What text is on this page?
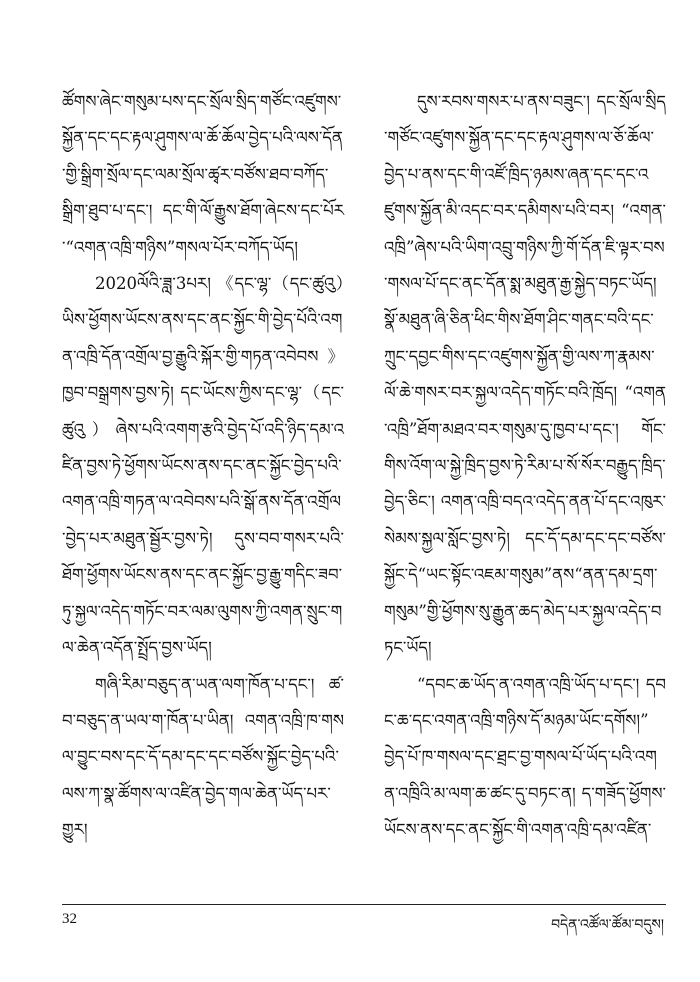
ཚོགས་ཞེང་གསུམ་པས་དང་སྲོལ་སྲིད་གཙོང་འཛུགས་སྐྱོན་དང་དང་རྟལ་ཤུགས་ལ་ཆོ་ཆོལ་བྱེད་པའི་ལས་དོན་གྱི་སྒྲིག་སྲོལ་དང་ལམ་སྲོལ་ཚྭར་བཙོས་ཐབ་བཀོད་སྒྲིག་ཐུབ་པ་དང་། དང་གི་ལོ་རྒྱུས་ཐོག་ཞེངས་དང་པོར་“འགན་འཁྲི་གཉིས”གསལ་པོར་བཀོད་ཡོད།

2020ལོའི་ཟླ་3པར། 《དང་ལྷ་（དང་ཚུའུ）ཡིས་ཕྱོགས་ཡོངས་ནས་དང་ནང་སྐྱོང་གི་བྱེད་པོའི་འགན་འཁྲི་དོན་འགྲོལ་བྱ་རྒྱུའི་སྐོར་གྱི་གཏན་འབེབས》ཁྱབ་བསྒྲགས་བྱས་ཏེ། དང་ཡོངས་ཀྱིས་དང་ལྷ་（དང་ཚུའུ）ཞེས་པའི་འགག་རྩའི་བྱེད་པོ་འདི་ཉིད་དམ་འཛིན་བྱས་ཏེ་ཕྱོགས་ཡོངས་ནས་དང་ནང་སྐྱོང་བྱེད་པའི་འགན་འཁྲི་གཏན་ལ་འབེབས་པའི་སྒོ་ནས་དོན་འགྲོལ་བྱེད་པར་མཐུན་སྦྱོར་བྱས་ཏེ། དུས་བབ་གསར་པའི་ཐོག་ཕྱོགས་ཡོངས་ནས་དང་ནང་སྐྱོང་བྱ་རྒྱུ་གདིང་ཟབ་ཏུ་སྐྱལ་འདེད་གཏོང་བར་ལམ་ལུགས་ཀྱི་འགན་སྲུང་གལ་ཆེན་འདོན་སྤྲོད་བྱས་ཡོད།

གཞི་རིམ་བཅུད་ན་ཡན་ལག་ཁོན་པ་དང་། ཚ་བ་བཅུད་ན་ཡལ་ག་ཁོན་པ་ཡིན། འགན་འཁྲི་ཁ་གསལ་བྱུང་བས་དང་དོ་དམ་དང་དང་བཙོས་སྐྱོང་བྱེད་པའི་ལས་ཀ་སྣ་ཚོགས་ལ་འཛིན་བྱེད་གལ་ཆེན་ཡོད་པར་གྱུར།

དུས་རབས་གསར་པ་ནས་བཟུང་། དང་སྲོལ་སྲིད་གཙོང་འཛུགས་སྐྱོན་དང་དང་རྟལ་ཤུགས་ལ་ཅོ་ཆོལ་བྱེད་པ་ནས་དང་གི་འཛོ་ཁྲིད་ཉམས་ཞན་དང་དང་འཛུགས་སྐྱོན་མི་འདང་བར་དམིགས་པའི་བར། “འགན་འཁྲི”ཞེས་པའི་ཡིག་འབྲུ་གཉིས་ཀྱི་གོ་དོན་ཇི་ལྟར་བས་གསལ་པོ་དང་ནང་དོན་སྨ་མཐུན་རྒྱ་སྐྱེད་བཏང་ཡོད། སྣོ་མཐུན་ཞི་ཅིན་ཕིང་གིས་ཐོག་ཤིང་གནང་བའི་དང་ཀྲུང་དབྱང་གིས་དང་འཛུགས་སྐྱོན་གྱི་ལས་ཀ་རྣམས་ལོ་ཆེ་གསར་བར་སྐྱལ་འདེད་གཏོང་བའི་ཁྲོད། “འགན་འཁྲི”ཐོག་མཐའ་བར་གསུམ་དུ་ཁྱབ་པ་དང་། གོང་གིས་འོག་ལ་སྐྱེ་ཁྲིད་བྱས་ཏེ་རིམ་པ་སོ་སོར་བརྒྱུད་ཁྲིད་བྱེད་ཅིང་། འགན་འཁྲི་བདའ་འདེད་ནན་པོ་དང་འཁུར་སེམས་སྐྱལ་སློང་བྱས་ཏེ། དང་དོ་དམ་དང་དང་བཙོས་སྐྱོང་དེ“ཡང་སྟོང་འཇམ་གསུམ”ནས“ནན་དམ་དྲག་གསུམ”གྱི་ཕྱོགས་སུ་རྒྱུན་ཆད་མེད་པར་སྐྱལ་འདེད་བཏང་ཡོད།

“དབང་ཆ་ཡོད་ན་འགན་འཁྲི་ཡོད་པ་དང་། དབང་ཆ་དང་འགན་འཁྲི་གཉིས་དོ་མཉམ་ཡོང་དགོས།” བྱེད་པོ་ཁ་གསལ་དང་ཐྲང་བྱ་གསལ་པོ་ཡོད་པའི་འགན་འཁྲིའི་མ་ལག་ཆ་ཚང་དུ་བཏང་ན། ད་གཟོད་ཕྱོགས་ཡོངས་ནས་དང་ནང་སྐྱོང་གི་འགན་འཁྲི་དམ་འཛིན་

32	བདེན་འཚོལ་ཚོམ་བདུས།
